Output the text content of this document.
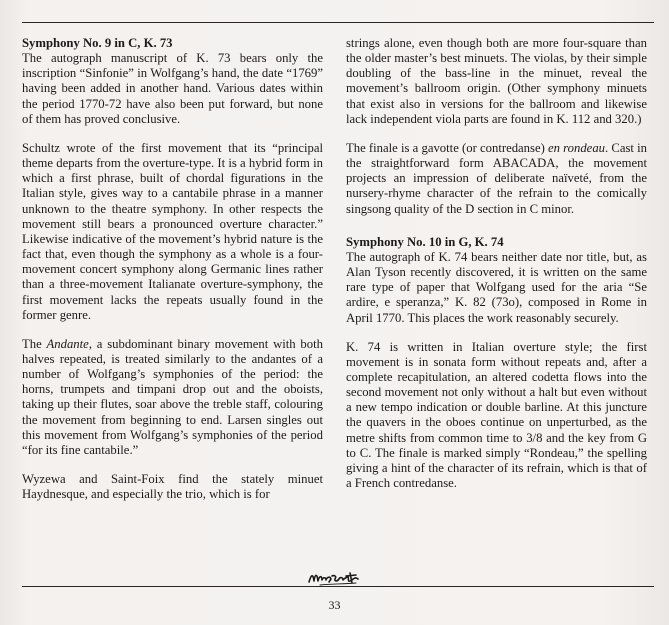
Symphony No. 9 in C, K. 73

The autograph manuscript of K. 73 bears only the inscription “Sinfonie” in Wolfgang’s hand, the date “1769” having been added in another hand. Various dates within the period 1770-72 have also been put forward, but none of them has proved conclusive.

Schultz wrote of the first movement that its “principal theme departs from the overture-type. It is a hybrid form in which a first phrase, built of chordal figurations in the Italian style, gives way to a cantabile phrase in a manner unknown to the theatre symphony. In other respects the movement still bears a pronounced overture character.” Likewise indicative of the movement’s hybrid nature is the fact that, even though the symphony as a whole is a four-movement concert symphony along Germanic lines rather than a three-movement Italianate overture-symphony, the first movement lacks the repeats usually found in the former genre.

The Andante, a subdominant binary movement with both halves repeated, is treated similarly to the andantes of a number of Wolfgang’s symphonies of the period: the horns, trumpets and timpani drop out and the oboists, taking up their flutes, soar above the treble staff, colouring the movement from beginning to end. Larsen singles out this movement from Wolfgang’s symphonies of the period “for its fine cantabile.”

Wyzewa and Saint-Foix find the stately minuet Haydnesque, and especially the trio, which is for

strings alone, even though both are more four-square than the older master’s best minuets. The violas, by their simple doubling of the bass-line in the minuet, reveal the movement’s ballroom origin. (Other symphony minuets that exist also in versions for the ballroom and likewise lack independent viola parts are found in K. 112 and 320.)

The finale is a gavotte (or contredanse) en rondeau. Cast in the straightforward form ABACADA, the movement projects an impression of deliberate naïveté, from the nursery-rhyme character of the refrain to the comically singsong quality of the D section in C minor.

Symphony No. 10 in G, K. 74

The autograph of K. 74 bears neither date nor title, but, as Alan Tyson recently discovered, it is written on the same rare type of paper that Wolfgang used for the aria “Se ardire, e speranza,” K. 82 (73o), composed in Rome in April 1770. This places the work reasonably securely.

K. 74 is written in Italian overture style; the first movement is in sonata form without repeats and, after a complete recapitulation, an altered codetta flows into the second movement not only without a halt but even without a new tempo indication or double barline. At this juncture the quavers in the oboes continue on unperturbed, as the metre shifts from common time to 3/8 and the key from G to C. The finale is marked simply “Rondeau,” the spelling giving a hint of the character of its refrain, which is that of a French contredanse.

33
